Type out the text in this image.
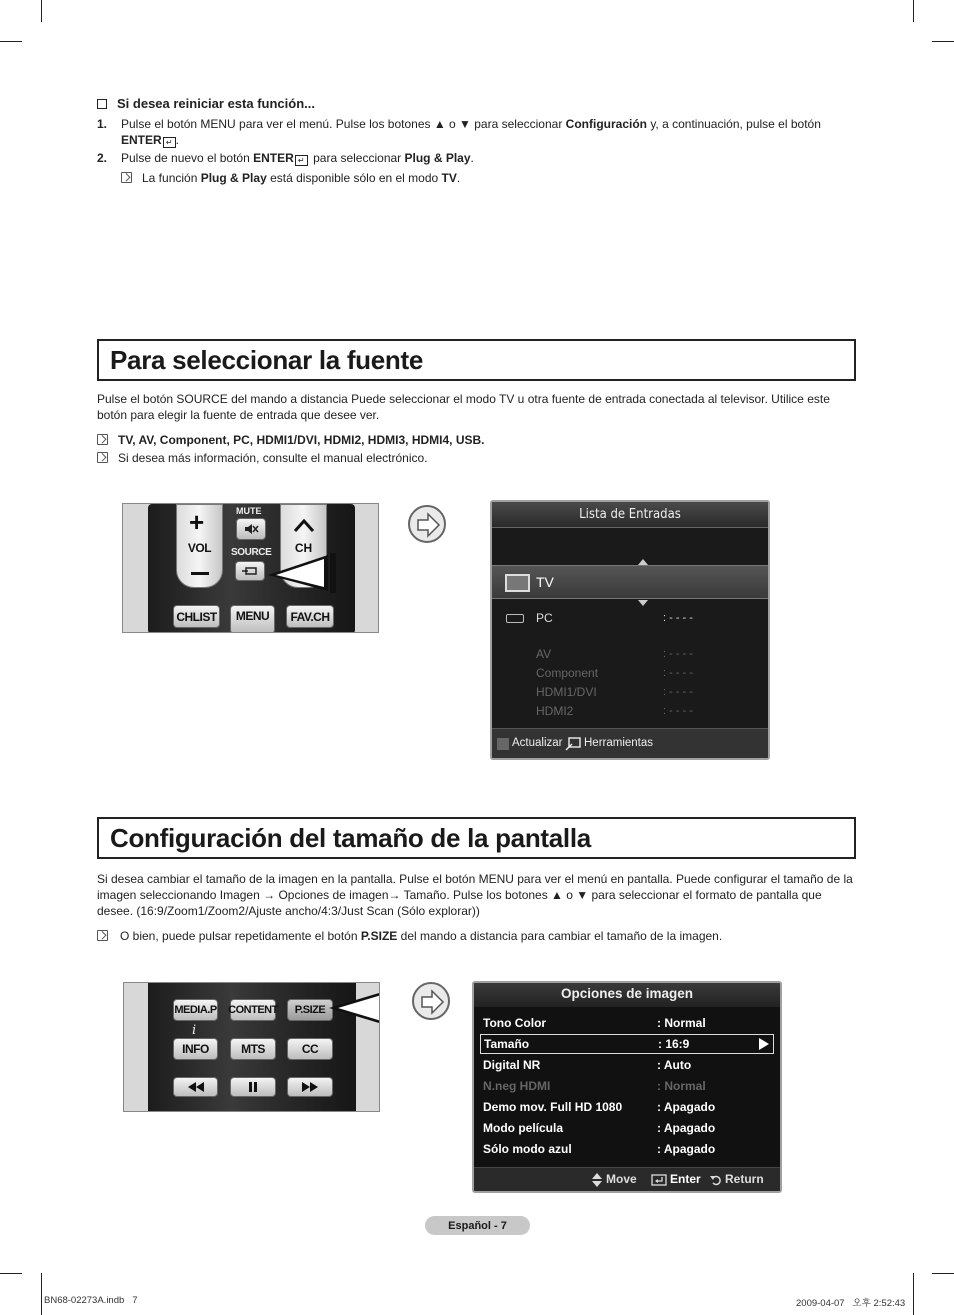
Si desea reiniciar esta función...
1. Pulse el botón MENU para ver el menú. Pulse los botones ▲ o ▼ para seleccionar Configuración y, a continuación, pulse el botón
ENTER ↵ .
2. Pulse de nuevo el botón ENTER ↵ para seleccionar Plug & Play.
La función Plug & Play está disponible sólo en el modo TV.
Para seleccionar la fuente
Pulse el botón SOURCE del mando a distancia Puede seleccionar el modo TV u otra fuente de entrada conectada al televisor. Utilice este botón para elegir la fuente de entrada que desee ver.
TV, AV, Component, PC, HDMI1/DVI, HDMI2, HDMI3, HDMI4, USB.
Si desea más información, consulte el manual electrónico.
+
VOL	CH
MUTE
SOURCE
CHLIST	MENU	FAV.CH
Lista de Entradas
TV
PC	: - - - -
AV	: - - - -
Component	: - - - -
HDMI1/DVI	: - - - -
HDMI2	: - - - -
Actualizar Herramientas
Configuración del tamaño de la pantalla
Si desea cambiar el tamaño de la imagen en la pantalla. Pulse el botón MENU para ver el menú en pantalla. Puede configurar el tamaño de la imagen seleccionando Imagen → Opciones de imagen→ Tamaño. Pulse los botones ▲ o ▼ para seleccionar el formato de pantalla que desee. (16:9/Zoom1/Zoom2/Ajuste ancho/4:3/Just Scan (Sólo explorar))
O bien, puede pulsar repetidamente el botón P.SIZE del mando a distancia para cambiar el tamaño de la imagen.
MEDIA.P
i
CONTENT	P.SIZE
INFO	MTS	CC
Opciones de imagen
Tono Color	: Normal
Tamaño	: 16:9
Digital NR	: Auto
N.neg HDMI	: Normal
Demo mov. Full HD 1080	: Apagado
Modo película	: Apagado
Sólo modo azul	: Apagado
Move	Enter Return
Español - 7
BN68-02273A.indb   7	2009-04-07   오후 2:52:43
